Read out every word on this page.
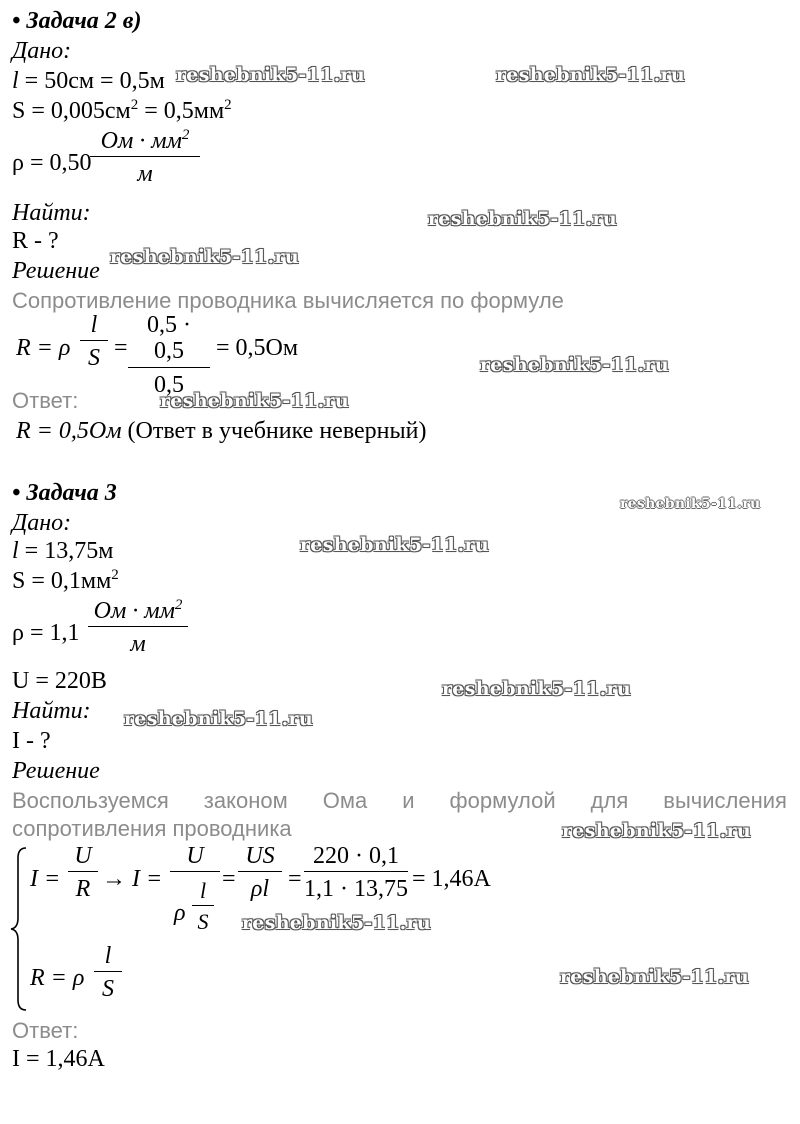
• Задача 2 в)
Дано:
l = 50см = 0,5м
$S = 0,005см^2 = 0,5мм^2$
ρ = 0,50
Ом · $мм^2$
м
Найти:
R - ?
Решение
Сопротивление проводника вычисляется по формуле
R = ρ $\frac{l}{S} = \frac{0,5 \cdot 0,5}{0,5} = 0,5Ом$
Ответ:
R = 0,5Ом (Ответ в учебнике неверный)
• Задача 3
Дано:
l = 13,75м
$S = 0,1мм^2$
ρ = 1,1
Ом · $мм^2$
м
U = 220В
Найти:
I - ?
Решение
Воспользуемся законом Ома и формулой для вычисления
сопротивления проводника
$I = \frac{U}{R} \to I$ =
U
ρ $\frac{l}{S} = \frac{US}{\rho l} = \frac{220 \cdot 0,1}{1,1 \cdot 13,75} = 1,46A$
R = ρ $\frac{l}{S}$
Ответ:
I = 1,46А
reshebnik5-11.ru	reshebnik5-11.ru
reshebnik5-11.ru
reshebnik5-11.ru
reshebnik5-11.ru
reshebnik5-11.ru
reshebnik5-11.ru
reshebnik5-11.ru
reshebnik5-11.ru
reshebnik5-11.ru
reshebnik5-11.ru
reshebnik5-11.ru
reshebnik5-11.ru
